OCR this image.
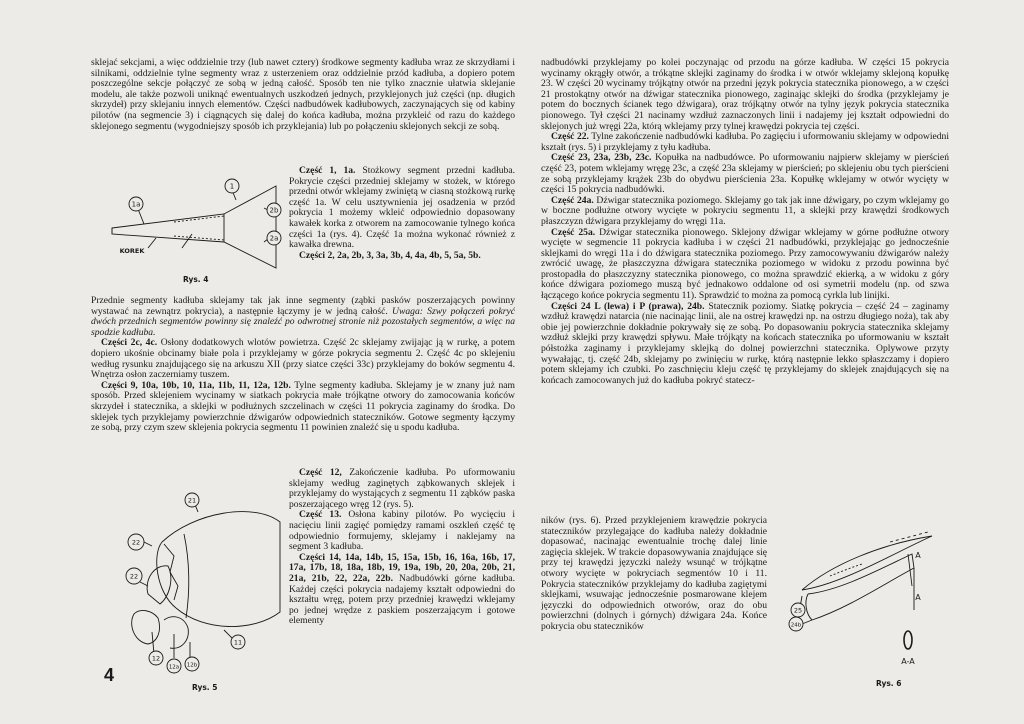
sklejać sekcjami, a więc oddzielnie trzy (lub nawet cztery) środkowe segmenty kadłuba wraz ze skrzydłami i silnikami, oddzielnie tylne segmenty wraz z usterzeniem oraz oddzielnie przód kadłuba, a dopiero potem poszczególne sekcje połączyć ze sobą w jedną całość. Sposób ten nie tylko znacznie ułatwia sklejanie modelu, ale także pozwoli uniknąć ewentualnych uszkodzeń jednych, przyklejonych już części (np. długich skrzydeł) przy sklejaniu innych elementów. Części nadbudówek kadłubowych, zaczynających się od kabiny pilotów (na segmencie 3) i ciągnących się dalej do końca kadłuba, można przykleić od razu do każdego sklejonego segmentu (wygodniejszy sposób ich przyklejania) lub po połączeniu sklejonych sekcji ze sobą.

Część 1, 1a. Stożkowy segment przedni kadłuba. Pokrycie części przedniej sklejamy w stożek, w którego przedni otwór wklejamy zwiniętą w ciasną stożkową rurkę część 1a. W celu usztywnienia jej osadzenia w przód pokrycia 1 możemy wkleić odpowiednio dopasowany kawałek korka z otworem na zamocowanie tylnego końca części 1a (rys. 4). Część 1a można wykonać również z kawałka drewna.

Części 2, 2a, 2b, 3, 3a, 3b, 4, 4a, 4b, 5, 5a, 5b.

Przednie segmenty kadłuba sklejamy tak jak inne segmenty (ząbki pasków poszerzających powinny wystawać na zewnątrz pokrycia), a następnie łączymy je w jedną całość. Uwaga: Szwy połączeń pokryć dwóch przednich segmentów powinny się znaleźć po odwrotnej stronie niż pozostałych segmentów, a więc na spodzie kadłuba.

Części 2c, 4c. Osłony dodatkowych wlotów powietrza. Część 2c sklejamy zwijając ją w rurkę, a potem dopiero ukośnie obcinamy białe pola i przyklejamy w górze pokrycia segmentu 2. Część 4c po sklejeniu według rysunku znajdującego się na arkuszu XII (przy siatce części 33c) przyklejamy do boków segmentu 4. Wnętrza osłon zaczerniamy tuszem.

Części 9, 10a, 10b, 10, 11a, 11b, 11, 12a, 12b. Tylne segmenty kadłuba. Sklejamy je w znany już nam sposób. Przed sklejeniem wycinamy w siatkach pokrycia małe trójkątne otwory do zamocowania końców skrzydeł i statecznika, a sklejki w podłużnych szczelinach w części 11 pokrycia zaginamy do środka. Do sklejek tych przyklejamy powierzchnie dźwigarów odpowiednich stateczników. Gotowe segmenty łączymy ze sobą, przy czym szew sklejenia pokrycia segmentu 11 powinien znaleźć się u spodu kadłuba.

Część 12, Zakończenie kadłuba. Po uformowaniu sklejamy według zaginętych ząbkowanych sklejek i przyklejamy do wystających z segmentu 11 ząbków paska poszerzającego wręg 12 (rys. 5).

Część 13. Osłona kabiny pilotów. Po wycięciu i nacięciu linii zagięć pomiędzy ramami oszkleń część tę odpowiednio formujemy, sklejamy i naklejamy na segment 3 kadłuba.

Części 14, 14a, 14b, 15, 15a, 15b, 16, 16a, 16b, 17, 17a, 17b, 18, 18a, 18b, 19, 19a, 19b, 20, 20a, 20b, 21, 21a, 21b, 22, 22a, 22b. Nadbudówki górne kadłuba. Każdej części pokrycia nadajemy kształt odpowiedni do kształtu wręg, potem przy przedniej krawędzi wklejamy po jednej wrędze z paskiem poszerzającym i gotowe elementy

nadbudówki przyklejamy po kolei poczynając od przodu na górze kadłuba. W części 15 pokrycia wycinamy okrągły otwór, a trókątne sklejki zaginamy do środka i w otwór wklejamy sklejoną kopułkę 23. W części 20 wycinamy trójkątny otwór na przedni język pokrycia statecznika pionowego, a w części 21 prostokątny otwór na dźwigar statecznika pionowego, zaginając sklejki do środka (przyklejamy je potem do bocznych ścianek tego dźwigara), oraz trójkątny otwór na tylny język pokrycia statecznika pionowego. Tył części 21 nacinamy wzdłuż zaznaczonych linii i nadajemy jej kształt odpowiedni do sklejonych już wręgi 22a, którą wklejamy przy tylnej krawędzi pokrycia tej części.

Część 22. Tylne zakończenie nadbudówki kadłuba. Po zagięciu i uformowaniu sklejamy w odpowiedni kształt (rys. 5) i przyklejamy z tyłu kadłuba.

Część 23, 23a, 23b, 23c. Kopułka na nadbudówce. Po uformowaniu najpierw sklejamy w pierścień część 23, potem wklejamy wręgę 23c, a część 23a sklejamy w pierścień; po sklejeniu obu tych pierścieni ze sobą przyklejamy krążek 23b do obydwu pierścienia 23a. Kopułkę wklejamy w otwór wycięty w części 15 pokrycia nadbudówki.

Część 24a. Dźwigar statecznika poziomego. Sklejamy go tak jak inne dźwigary, po czym wklejamy go w boczne podłużne otwory wycięte w pokryciu segmentu 11, a sklejki przy krawędzi środkowych płaszczyzn dźwigara przyklejamy do wręgi 11a.

Część 25a. Dźwigar statecznika pionowego. Sklejony dźwigar wklejamy w górne podłużne otwory wycięte w segmencie 11 pokrycia kadłuba i w części 21 nadbudówki, przyklejając go jednocześnie sklejkami do wręgi 11a i do dźwigara statecznika poziomego. Przy zamocowywaniu dźwigarów należy zwrócić uwagę, że płaszczyzna dźwigara statecznika poziomego w widoku z przodu powinna być prostopadła do płaszczyzny statecznika pionowego, co można sprawdzić ekierką, a w widoku z góry końce dźwigara poziomego muszą być jednakowo oddalone od osi symetrii modelu (np. od szwa łączącego końce pokrycia segmentu 11). Sprawdzić to można za pomocą cyrkla lub linijki.

Części 24 L (lewa) i P (prawa), 24b. Statecznik poziomy. Siatkę pokrycia – część 24 – zaginamy wzdłuż krawędzi natarcia (nie nacinając linii, ale na ostrej krawędzi np. na ostrzu długiego noża), tak aby obie jej powierzchnie dokładnie pokrywały się ze sobą. Po dopasowaniu pokrycia statecznika sklejamy wzdłuż sklejki przy krawędzi spływu. Małe trójkąty na końcach statecznika po uformowaniu w kształt półstożka zaginamy i przyklejamy sklejką do dolnej powierzchni statecznika. Oplywowe przyty wywałając, tj. część 24b, sklejamy po zwinięciu w rurkę, którą następnie lekko spłaszczamy i dopiero potem sklejamy ich czubki. Po zaschnięciu kleju część tę przyklejamy do sklejek znajdujących się na końcach zamocowanych już do kadłuba pokryć statecz-

ników (rys. 6). Przed przyklejeniem krawędzie pokrycia stateczników przylegające do kadłuba należy dokładnie dopasować, nacinając ewentualnie trochę dalej linie zagięcia sklejek. W trakcie dopasowywania znajdujące się przy tej krawędzi języczki należy wsunąć w trójkątne otwory wycięte w pokryciach segmentów 10 i 11. Pokrycia stateczników przyklejamy do kadłuba zagiętymi sklejkami, wsuwając jednocześnie posmarowane klejem języczki do odpowiednich otworów, oraz do obu powierzchni (dolnych i górnych) dźwigara 24a. Końce pokrycia obu stateczników

1
1a
2b
2a
KOREK
Rys. 4
21
22
22
11
12
12b
12a
Rys. 5
25
24b
A
A
A-A
Rys. 6
4
